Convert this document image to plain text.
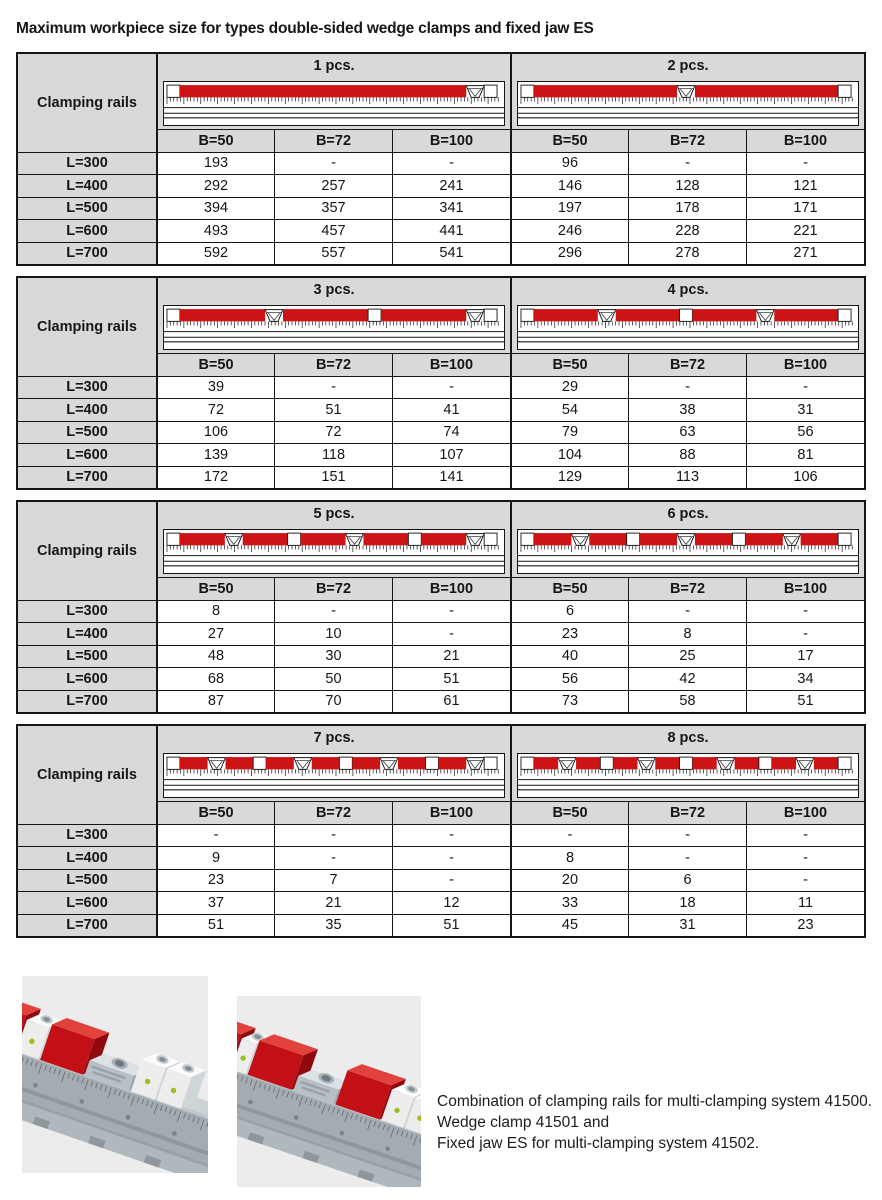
Maximum workpiece size for types double-sided wedge clamps and fixed jaw ES
Clamping rails
1 pcs.
B=50	B=72	B=100
2 pcs.
B=50	B=72	B=100
L=300	193	-	-	96	-	-
L=400	292	257	241	146	128	121
L=500	394	357	341	197	178	171
L=600	493	457	441	246	228	221
L=700	592	557	541	296	278	271
Clamping rails
3 pcs.
B=50	B=72	B=100
4 pcs.
B=50	B=72	B=100
L=300	39	-	-	29	-	-
L=400	72	51	41	54	38	31
L=500	106	72	74	79	63	56
L=600	139	118	107	104	88	81
L=700	172	151	141	129	113	106
Clamping rails
5 pcs.
B=50	B=72	B=100
6 pcs.
B=50	B=72	B=100
L=300	8	-	-	6	-	-
L=400	27	10	-	23	8	-
L=500	48	30	21	40	25	17
L=600	68	50	51	56	42	34
L=700	87	70	61	73	58	51
Clamping rails
7 pcs.
B=50	B=72	B=100
8 pcs.
B=50	B=72	B=100
L=300	-	-	-	-	-	-
L=400	9	-	-	8	-	-
L=500	23	7	-	20	6	-
L=600	37	21	12	33	18	11
L=700	51	35	51	45	31	23
Combination of clamping rails for multi-clamping system 41500.
Wedge clamp 41501 and
Fixed jaw ES for multi-clamping system 41502.
